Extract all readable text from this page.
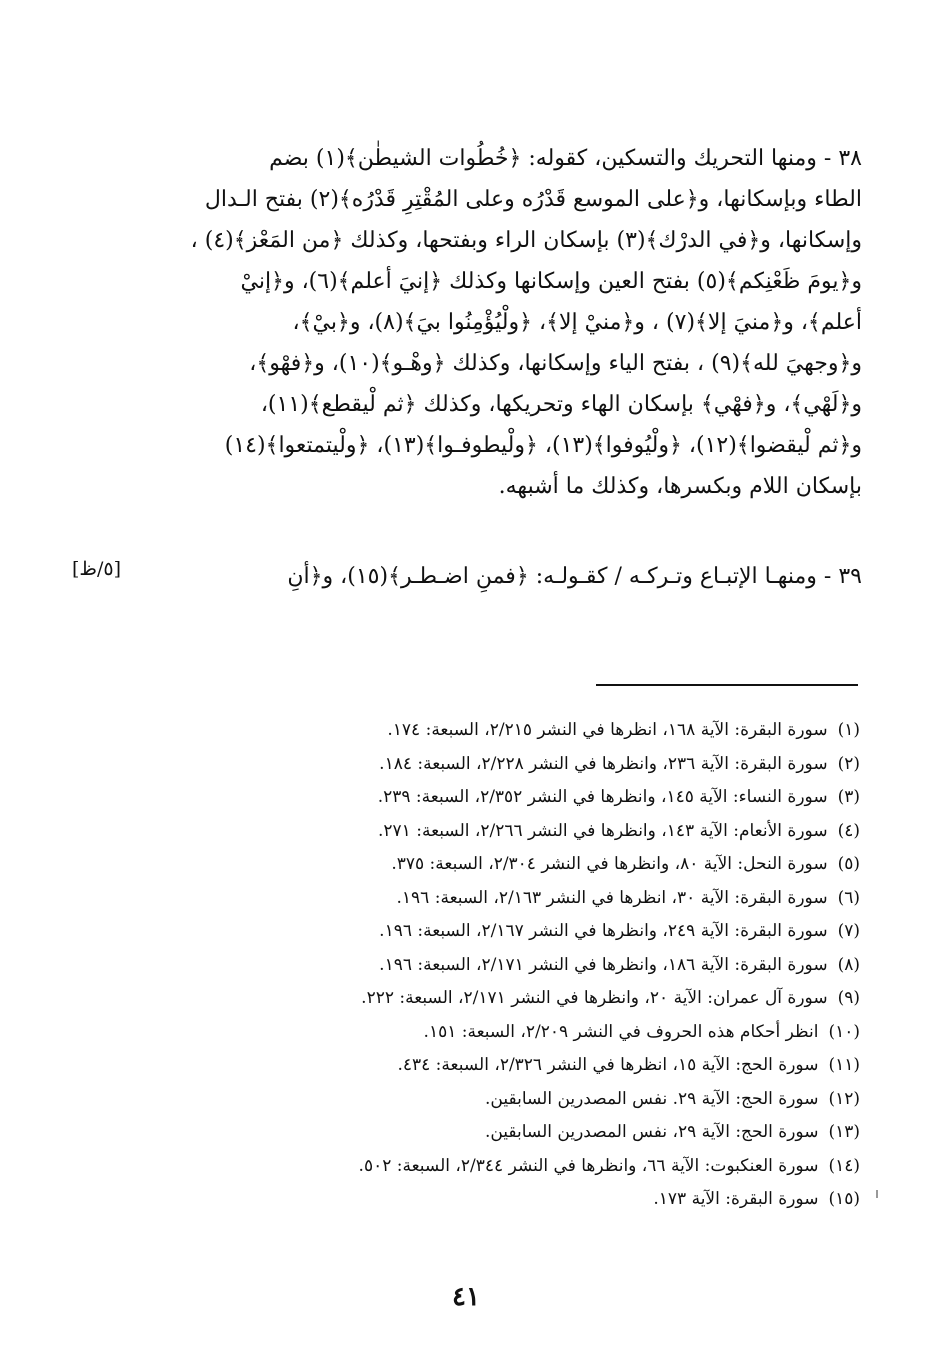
٣٨ - ومنها التحريك والتسكين، كقوله: ﴿خُطُوات الشيطٰن﴾(١) بضم
الطاء وبإسكانها، و﴿على الموسع قَدْرُه وعلى المُقْتِرِ قَدْرُه﴾(٢) بفتح الـدال
وإسكانها، و﴿في الدرْك﴾(٣) بإسكان الراء وبفتحها، وكذلك ﴿من المَعْز﴾(٤) ،
و﴿يومَ ظَعْنِكم﴾(٥) بفتح العين وإسكانها وكذلك ﴿إنيَ أعلم﴾(٦)، و﴿إنيْ
أعلم﴾، و﴿منيَ إلا﴾(٧) ، و﴿منيْ إلا﴾، ﴿ولْيُؤْمِنُوا بيَ﴾(٨)، و﴿بيْ﴾،
و﴿وجهيَ لله﴾(٩) ، بفتح الياء وإسكانها، وكذلك ﴿وهْـو﴾(١٠)، و﴿فهْو﴾،
و﴿لَهْي﴾، و﴿فهْي﴾ بإسكان الهاء وتحريكها، وكذلك ﴿ثم لْيقطع﴾(١١)،
و﴿ثم لْيقضوا﴾(١٢)، ﴿ولْيُوفوا﴾(١٣)، ﴿ولْيطوفـوا﴾(١٣)، ﴿ولْيتمتعوا﴾(١٤)
بإسكان اللام وبكسرها، وكذلك ما أشبهه.
٣٩ - ومنهـا الإتبـاع وتـركـه / كقـولـه: ﴿فمنِ اضـطـر﴾(١٥)، و﴿أنِ
[٥/ظ]
(١)سورة البقرة: الآية ١٦٨، انظرها في النشر ٢/٢١٥، السبعة: ١٧٤.
(٢)سورة البقرة: الآية ٢٣٦، وانظرها في النشر ٢/٢٢٨، السبعة: ١٨٤.
(٣)سورة النساء: الآية ١٤٥، وانظرها في النشر ٢/٣٥٢، السبعة: ٢٣٩.
(٤)سورة الأنعام: الآية ١٤٣، وانظرها في النشر ٢/٢٦٦، السبعة: ٢٧١.
(٥)سورة النحل: الآية ٨٠، وانظرها في النشر ٢/٣٠٤، السبعة: ٣٧٥.
(٦)سورة البقرة: الآية ٣٠، انظرها في النشر ٢/١٦٣، السبعة: ١٩٦.
(٧)سورة البقرة: الآية ٢٤٩، وانظرها في النشر ٢/١٦٧، السبعة: ١٩٦.
(٨)سورة البقرة: الآية ١٨٦، وانظرها في النشر ٢/١٧١، السبعة: ١٩٦.
(٩)سورة آل عمران: الآية ٢٠، وانظرها في النشر ٢/١٧١، السبعة: ٢٢٢.
(١٠)انظر أحكام هذه الحروف في النشر ٢/٢٠٩، السبعة: ١٥١.
(١١)سورة الحج: الآية ١٥، انظرها في النشر ٢/٣٢٦، السبعة: ٤٣٤.
(١٢)سورة الحج: الآية ٢٩. نفس المصدرين السابقين.
(١٣)سورة الحج: الآية ٢٩، نفس المصدرين السابقين.
(١٤)سورة العنكبوت: الآية ٦٦، وانظرها في النشر ٢/٣٤٤، السبعة: ٥٠٢.
(١٥)سورة البقرة: الآية ١٧٣.
٤١
